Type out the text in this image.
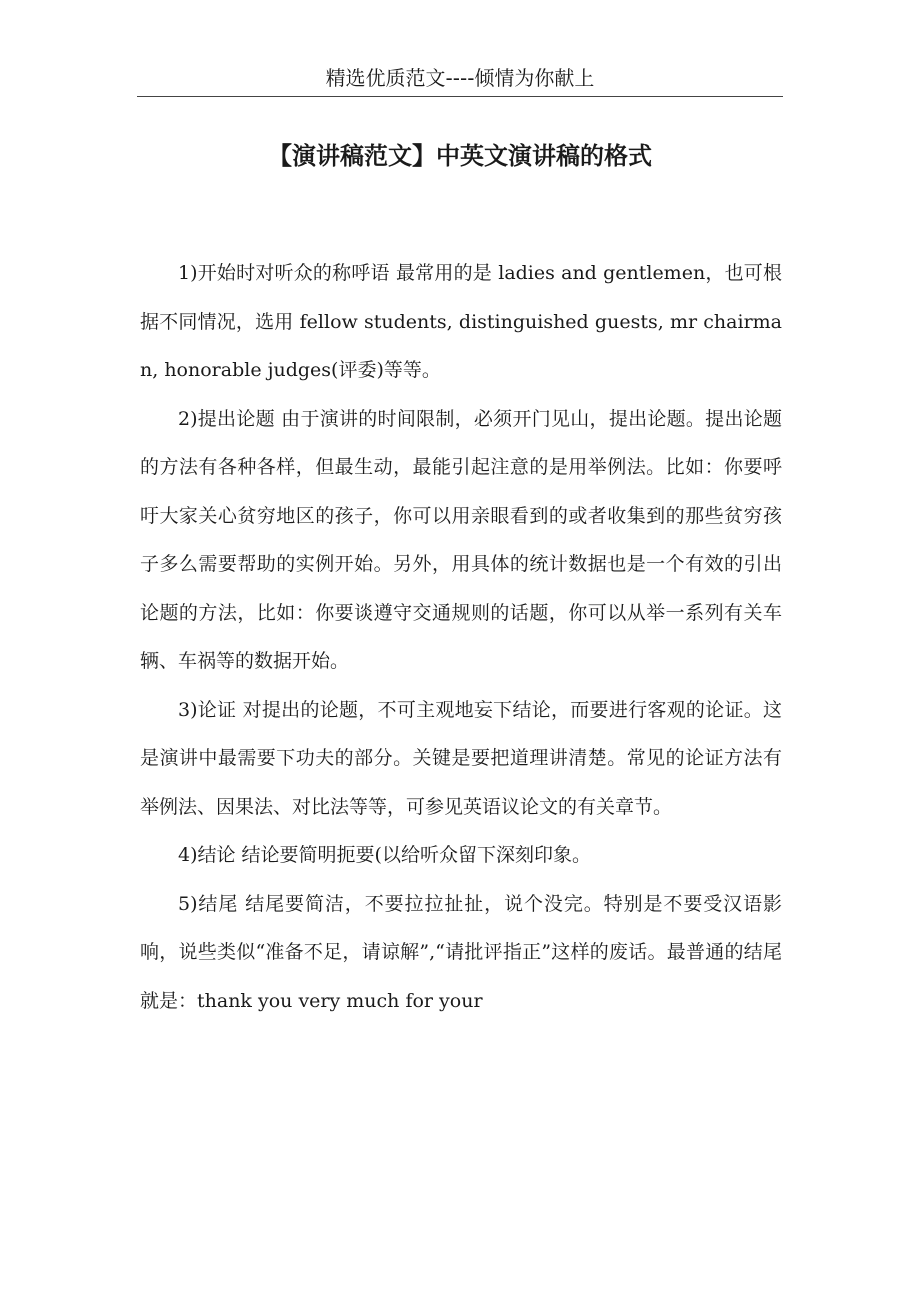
精选优质范文----倾情为你献上
【演讲稿范文】中英文演讲稿的格式

1)开始时对听众的称呼语 最常用的是 ladies and gentlemen，也可根据不同情况，选用 fellow students, distinguished guests, mr chairman, honorable judges(评委)等等。

2)提出论题 由于演讲的时间限制，必须开门见山，提出论题。提出论题的方法有各种各样，但最生动，最能引起注意的是用举例法。比如：你要呼吁大家关心贫穷地区的孩子，你可以用亲眼看到的或者收集到的那些贫穷孩子多么需要帮助的实例开始。另外，用具体的统计数据也是一个有效的引出论题的方法，比如：你要谈遵守交通规则的话题，你可以从举一系列有关车辆、车祸等的数据开始。

3)论证 对提出的论题，不可主观地妄下结论，而要进行客观的论证。这是演讲中最需要下功夫的部分。关键是要把道理讲清楚。常见的论证方法有举例法、因果法、对比法等等，可参见英语议论文的有关章节。

4)结论 结论要简明扼要(以给听众留下深刻印象。

5)结尾 结尾要简洁，不要拉拉扯扯，说个没完。特别是不要受汉语影响，说些类似“准备不足，请谅解”,“请批评指正”这样的废话。最普通的结尾就是：thank you very much for your
